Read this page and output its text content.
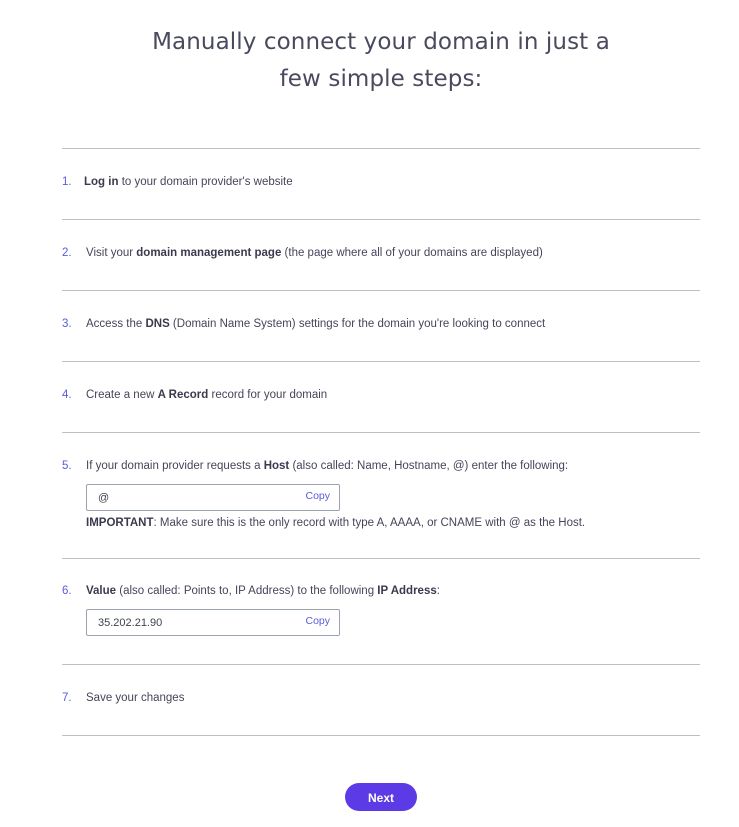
Manually connect your domain in just a
few simple steps:
1. Log in to your domain provider's website
2. Visit your domain management page (the page where all of your domains are displayed)
3. Access the DNS (Domain Name System) settings for the domain you're looking to connect
4. Create a new A Record record for your domain
5. If your domain provider requests a Host (also called: Name, Hostname, @) enter the following:
@	Copy
IMPORTANT: Make sure this is the only record with type A, AAAA, or CNAME with @ as the Host.
6. Value (also called: Points to, IP Address) to the following IP Address:
35.202.21.90	Copy
7. Save your changes
Next
